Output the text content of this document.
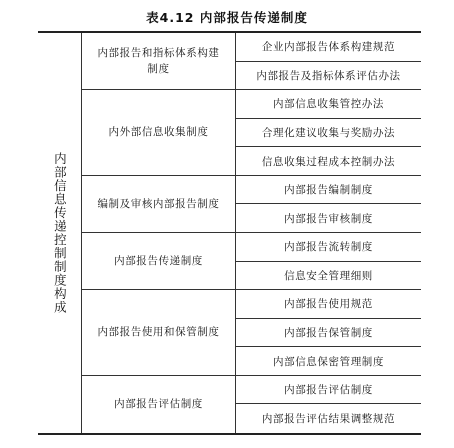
表4.12 内部报告传递制度
内部信息传递控制制度构成
内部报告和指标体系构建制度
企业内部报告体系构建规范
内部报告及指标体系评估办法
内外部信息收集制度
内部信息收集管控办法
合理化建议收集与奖励办法
信息收集过程成本控制办法
编制及审核内部报告制度
内部报告编制制度
内部报告审核制度
内部报告传递制度
内部报告流转制度
信息安全管理细则
内部报告使用和保管制度
内部报告使用规范
内部报告保管制度
内部信息保密管理制度
内部报告评估制度
内部报告评估制度
内部报告评估结果调整规范
